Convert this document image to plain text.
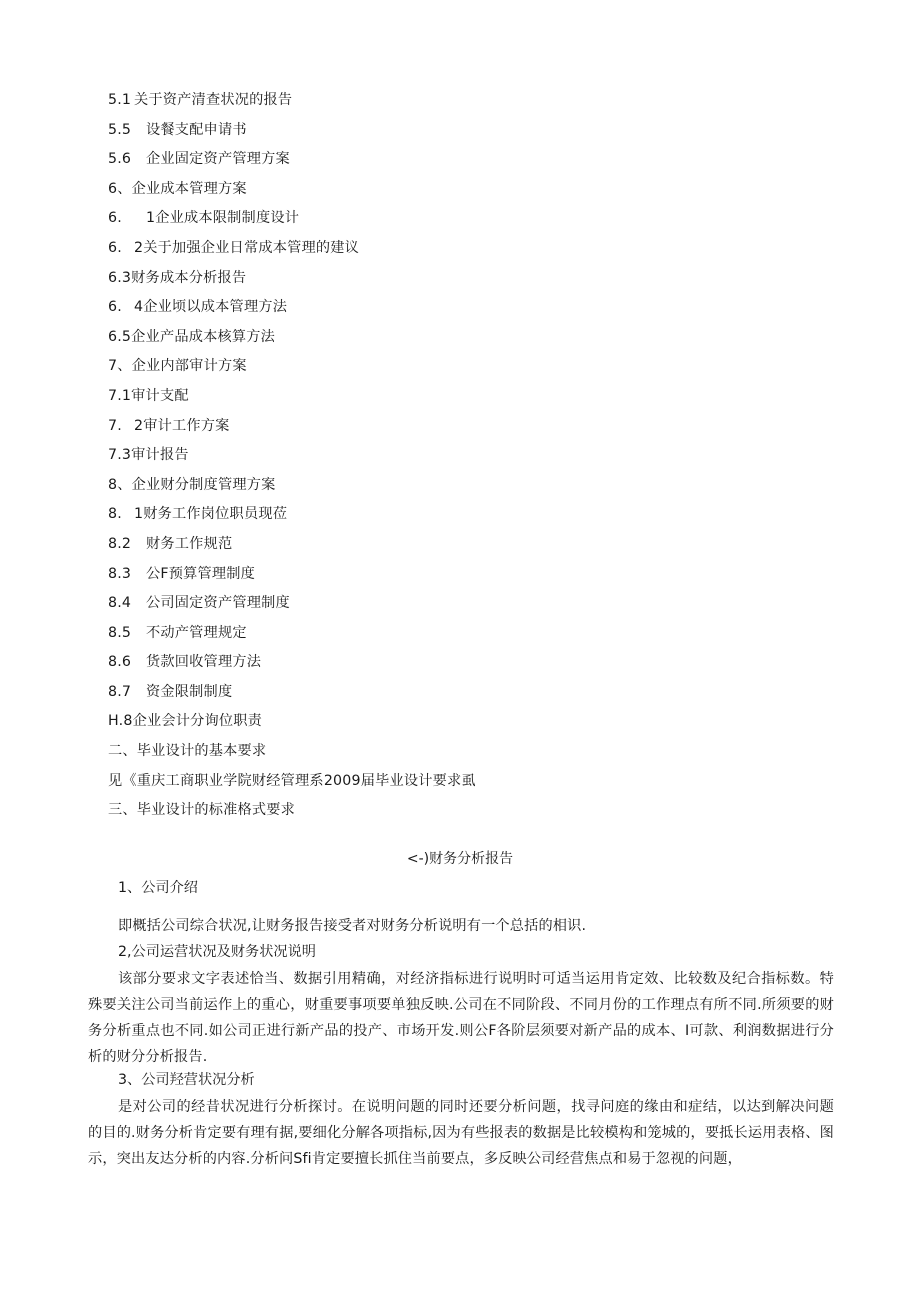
5.1 关于资产清查状况的报告
5.5 设餐支配申请书
5.6 企业固定资产管理方案
6、企业成本管理方案
6. 1企业成本限制制度设计
6. 2关于加强企业日常成本管理的建议
6.3财务成本分析报告
6. 4企业顷以成本管理方法
6.5企业产品成本核算方法
7、企业内部审计方案
7.1审计支配
7. 2审计工作方案
7.3审计报告
8、企业财分制度管理方案
8. 1财务工作岗位职员现莅
8.2 财务工作规范
8.3 公F预算管理制度
8.4 公司固定资产管理制度
8.5 不动产管理规定
8.6 货款回收管理方法
8.7 资金限制制度
H.8企业会计分询位职责
二、毕业设计的基本要求
见《重庆工商职业学院财经管理系2009届毕业设计要求虱
三、毕业设计的标准格式要求
<-)财务分析报告
1、公司介绍
即概括公司综合状况,让财务报告接受者对财务分析说明有一个总括的相识.
2,公司运营状况及财务状况说明
该部分要求文字表述恰当、数据引用精确，对经济指标进行说明时可适当运用肯定效、比较数及纪合指标数。特殊要关注公司当前运作上的重心，财重要事项要单独反映.公司在不同阶段、不同月份的工作理点有所不同.所须要的财务分析重点也不同.如公司正进行新产品的投产、市场开发.则公F各阶层须要对新产品的成本、I可款、利润数据进行分析的财分分析报告.
3、公司羟营状况分析
是对公司的经昔状况进行分析探讨。在说明问题的同时还要分析问题，找寻问庭的缘由和症结，以达到解决问题的目的.财务分析肯定要有理有据,要细化分解各项指标,因为有些报表的数据是比较模构和笼城的，要抵长运用表格、图示，突出友达分析的内容.分析问Sfi肯定要擅长抓住当前要点，多反映公司经营焦点和易于忽视的问题，
